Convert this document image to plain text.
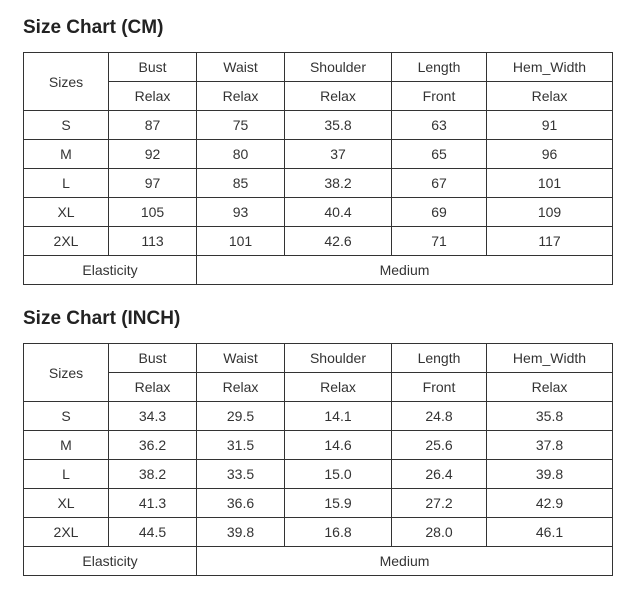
Size Chart (CM)
Sizes	Bust	Waist	Shoulder	Length	Hem_Width
	Relax	Relax	Relax	Front	Relax
S	87	75	35.8	63	91
M	92	80	37	65	96
L	97	85	38.2	67	101
XL	105	93	40.4	69	109
2XL	113	101	42.6	71	117
Elasticity		Medium			
Size Chart (INCH)
Sizes	Bust	Waist	Shoulder	Length	Hem_Width
	Relax	Relax	Relax	Front	Relax
S	34.3	29.5	14.1	24.8	35.8
M	36.2	31.5	14.6	25.6	37.8
L	38.2	33.5	15.0	26.4	39.8
XL	41.3	36.6	15.9	27.2	42.9
2XL	44.5	39.8	16.8	28.0	46.1
Elasticity		Medium			
